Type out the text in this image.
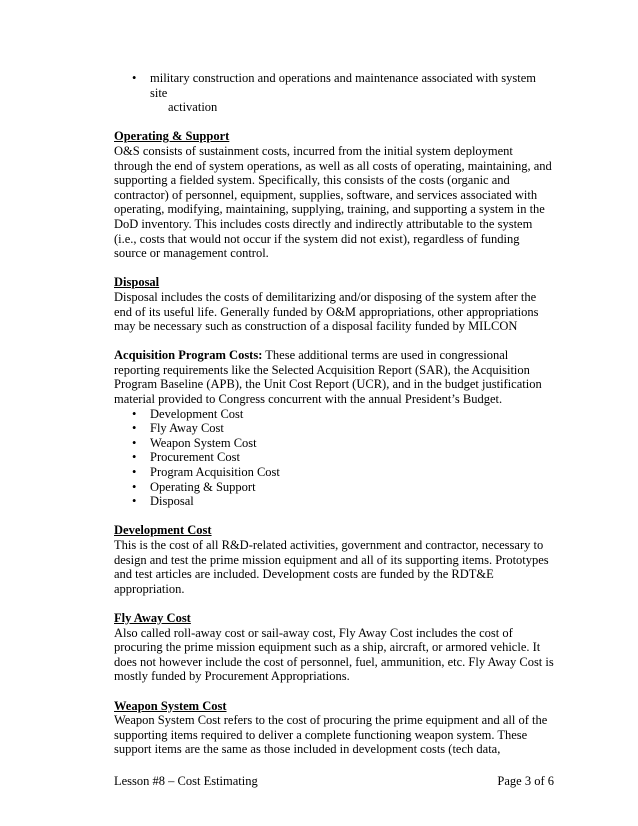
• military construction and operations and maintenance associated with system site
activation

Operating & Support
O&S consists of sustainment costs, incurred from the initial system deployment through the end of system operations, as well as all costs of operating, maintaining, and supporting a fielded system. Specifically, this consists of the costs (organic and contractor) of personnel, equipment, supplies, software, and services associated with operating, modifying, maintaining, supplying, training, and supporting a system in the DoD inventory. This includes costs directly and indirectly attributable to the system (i.e., costs that would not occur if the system did not exist), regardless of funding source or management control.

Disposal
Disposal includes the costs of demilitarizing and/or disposing of the system after the end of its useful life. Generally funded by O&M appropriations, other appropriations may be necessary such as construction of a disposal facility funded by MILCON

Acquisition Program Costs: These additional terms are used in congressional reporting requirements like the Selected Acquisition Report (SAR), the Acquisition Program Baseline (APB), the Unit Cost Report (UCR), and in the budget justification material provided to Congress concurrent with the annual President’s Budget.

• Development Cost
• Fly Away Cost
• Weapon System Cost
• Procurement Cost
• Program Acquisition Cost
• Operating & Support
• Disposal

Development Cost
This is the cost of all R&D-related activities, government and contractor, necessary to design and test the prime mission equipment and all of its supporting items. Prototypes and test articles are included. Development costs are funded by the RDT&E appropriation.

Fly Away Cost
Also called roll-away cost or sail-away cost, Fly Away Cost includes the cost of procuring the prime mission equipment such as a ship, aircraft, or armored vehicle. It does not however include the cost of personnel, fuel, ammunition, etc. Fly Away Cost is mostly funded by Procurement Appropriations.

Weapon System Cost
Weapon System Cost refers to the cost of procuring the prime equipment and all of the supporting items required to deliver a complete functioning weapon system. These support items are the same as those included in development costs (tech data,

Lesson #8 – Cost Estimating	Page 3 of 6
